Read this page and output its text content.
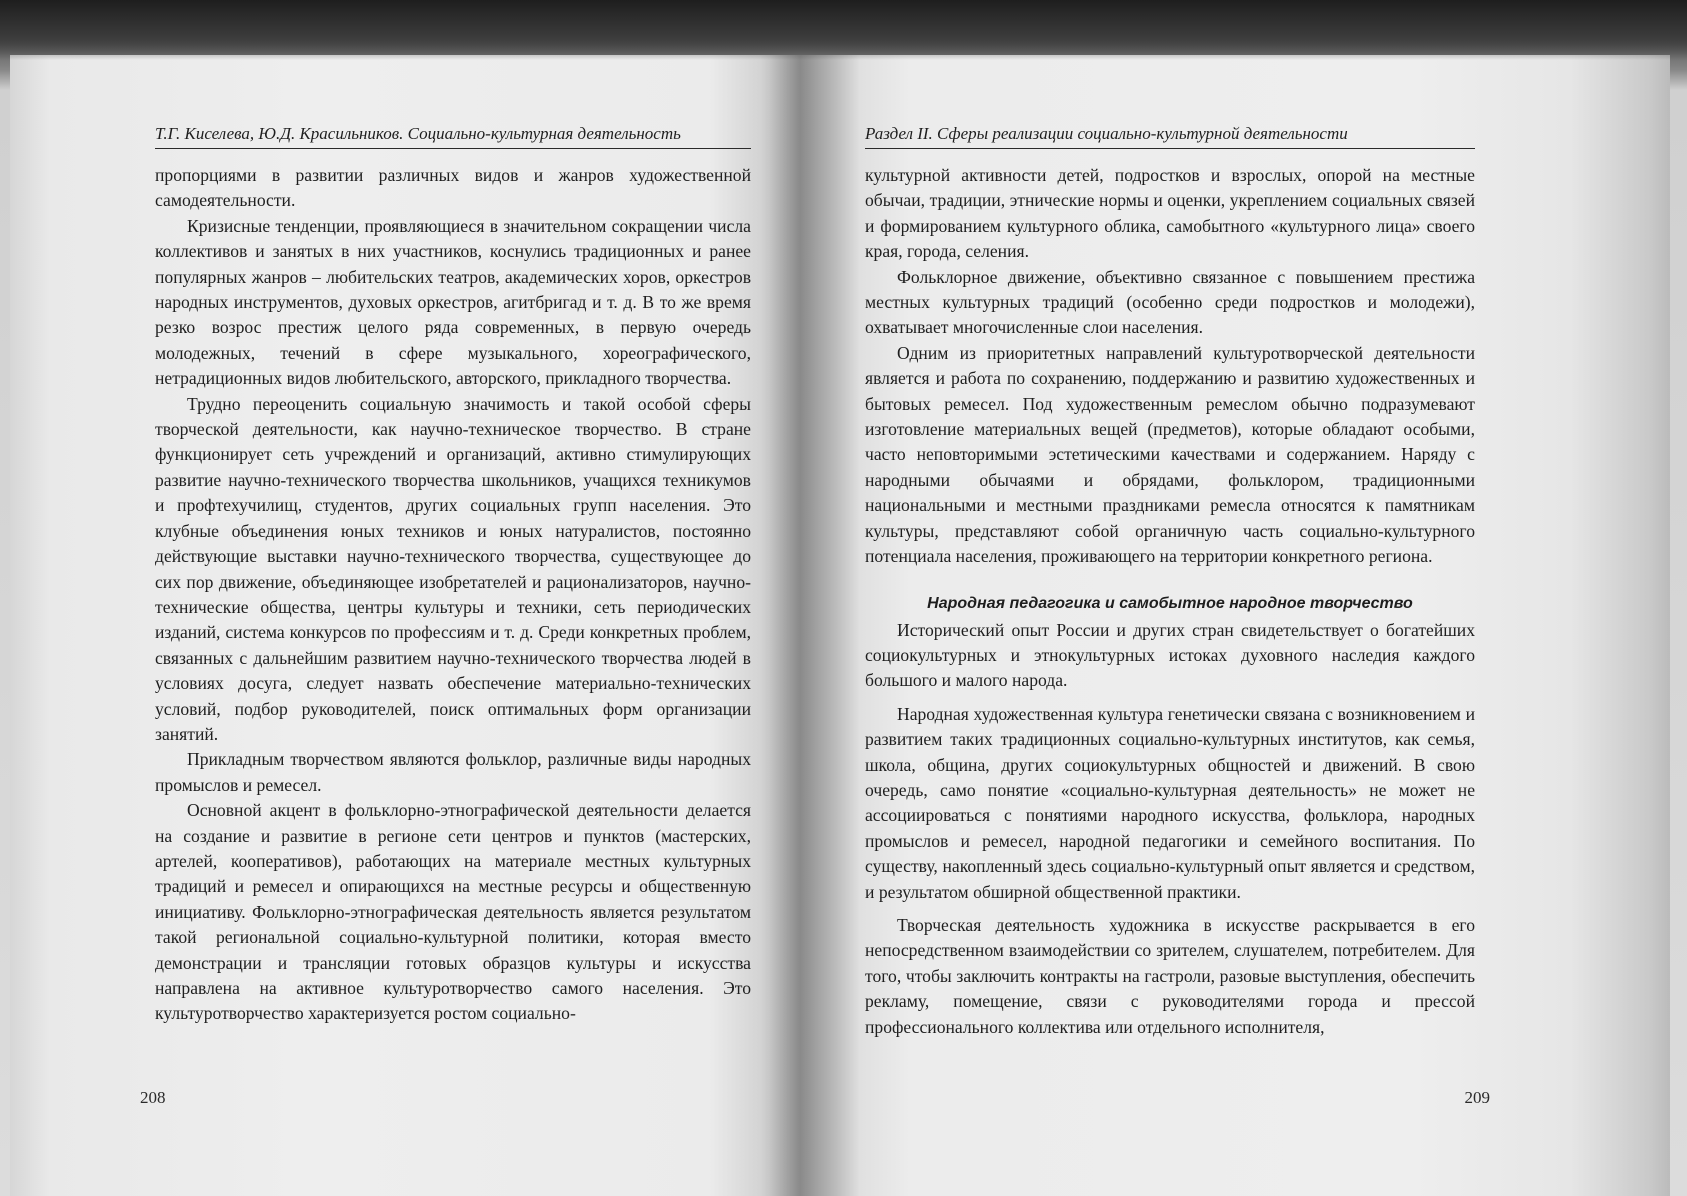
Т.Г. Киселева, Ю.Д. Красильников. Социально-культурная деятельность

пропорциями в развитии различных видов и жанров художественной самодеятельности.

Кризисные тенденции, проявляющиеся в значительном сокращении числа коллективов и занятых в них участников, коснулись традиционных и ранее популярных жанров – любительских театров, академических хоров, оркестров народных инструментов, духовых оркестров, агитбригад и т. д. В то же время резко возрос престиж целого ряда современных, в первую очередь молодежных, течений в сфере музыкального, хореографического, нетрадиционных видов любительского, авторского, прикладного творчества.

Трудно переоценить социальную значимость и такой особой сферы творческой деятельности, как научно-техническое творчество. В стране функционирует сеть учреждений и организаций, активно стимулирующих развитие научно-технического творчества школьников, учащихся техникумов и профтехучилищ, студентов, других социальных групп населения. Это клубные объединения юных техников и юных натуралистов, постоянно действующие выставки научно-технического творчества, существующее до сих пор движение, объединяющее изобретателей и рационализаторов, научно-технические общества, центры культуры и техники, сеть периодических изданий, система конкурсов по профессиям и т. д. Среди конкретных проблем, связанных с дальнейшим развитием научно-технического творчества людей в условиях досуга, следует назвать обеспечение материально-технических условий, подбор руководителей, поиск оптимальных форм организации занятий.

Прикладным творчеством являются фольклор, различные виды народных промыслов и ремесел.

Основной акцент в фольклорно-этнографической деятельности делается на создание и развитие в регионе сети центров и пунктов (мастерских, артелей, кооперативов), работающих на материале местных культурных традиций и ремесел и опирающихся на местные ресурсы и общественную инициативу. Фольклорно-этнографическая деятельность является результатом такой региональной социально-культурной политики, которая вместо демонстрации и трансляции готовых образцов культуры и искусства направлена на активное культуротворчество самого населения. Это культуротворчество характеризуется ростом социально-

208
Раздел II. Сферы реализации социально-культурной деятельности

культурной активности детей, подростков и взрослых, опорой на местные обычаи, традиции, этнические нормы и оценки, укреплением социальных связей и формированием культурного облика, самобытного «культурного лица» своего края, города, селения.

Фольклорное движение, объективно связанное с повышением престижа местных культурных традиций (особенно среди подростков и молодежи), охватывает многочисленные слои населения.

Одним из приоритетных направлений культуротворческой деятельности является и работа по сохранению, поддержанию и развитию художественных и бытовых ремесел. Под художественным ремеслом обычно подразумевают изготовление материальных вещей (предметов), которые обладают особыми, часто неповторимыми эстетическими качествами и содержанием. Наряду с народными обычаями и обрядами, фольклором, традиционными национальными и местными праздниками ремесла относятся к памятникам культуры, представляют собой органичную часть социально-культурного потенциала населения, проживающего на территории конкретного региона.

Народная педагогика и самобытное народное творчество

Исторический опыт России и других стран свидетельствует о богатейших социокультурных и этнокультурных истоках духовного наследия каждого большого и малого народа.

Народная художественная культура генетически связана с возникновением и развитием таких традиционных социально-культурных институтов, как семья, школа, община, других социокультурных общностей и движений. В свою очередь, само понятие «социально-культурная деятельность» не может не ассоциироваться с понятиями народного искусства, фольклора, народных промыслов и ремесел, народной педагогики и семейного воспитания. По существу, накопленный здесь социально-культурный опыт является и средством, и результатом обширной общественной практики.

Творческая деятельность художника в искусстве раскрывается в его непосредственном взаимодействии со зрителем, слушателем, потребителем. Для того, чтобы заключить контракты на гастроли, разовые выступления, обеспечить рекламу, помещение, связи с руководителями города и прессой профессионального коллектива или отдельного исполнителя,

209
